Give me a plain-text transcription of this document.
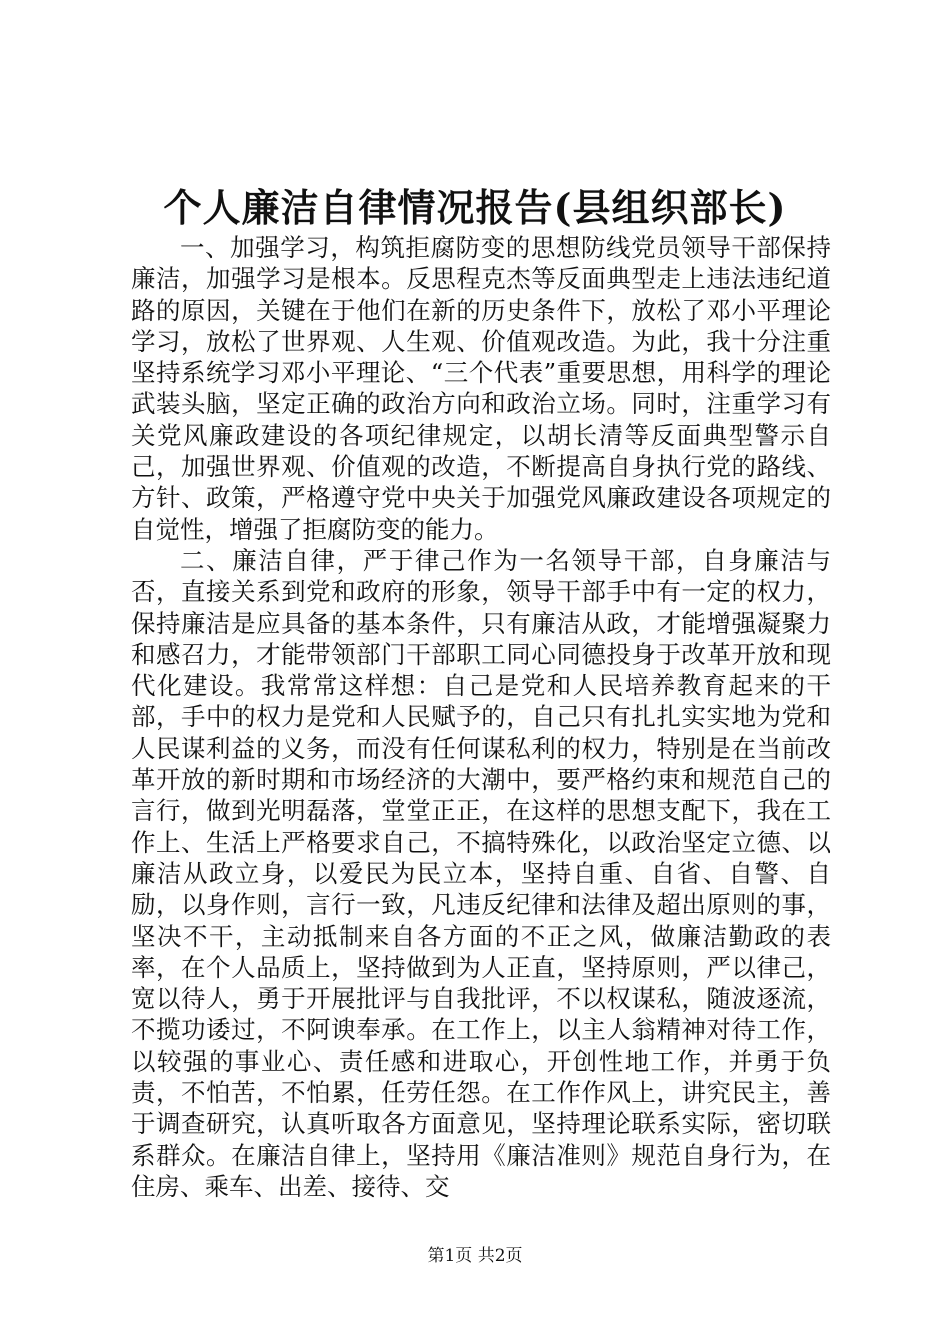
个人廉洁自律情况报告(县组织部长)

一、加强学习，构筑拒腐防变的思想防线党员领导干部保持廉洁，加强学习是根本。反思程克杰等反面典型走上违法违纪道路的原因，关键在于他们在新的历史条件下，放松了邓小平理论学习，放松了世界观、人生观、价值观改造。为此，我十分注重坚持系统学习邓小平理论、“三个代表”重要思想，用科学的理论武装头脑，坚定正确的政治方向和政治立场。同时，注重学习有关党风廉政建设的各项纪律规定，以胡长清等反面典型警示自己，加强世界观、价值观的改造，不断提高自身执行党的路线、方针、政策，严格遵守党中央关于加强党风廉政建设各项规定的自觉性，增强了拒腐防变的能力。

二、廉洁自律，严于律己作为一名领导干部，自身廉洁与否，直接关系到党和政府的形象，领导干部手中有一定的权力，保持廉洁是应具备的基本条件，只有廉洁从政，才能增强凝聚力和感召力，才能带领部门干部职工同心同德投身于改革开放和现代化建设。我常常这样想：自己是党和人民培养教育起来的干部，手中的权力是党和人民赋予的，自己只有扎扎实实地为党和人民谋利益的义务，而没有任何谋私利的权力，特别是在当前改革开放的新时期和市场经济的大潮中，要严格约束和规范自己的言行，做到光明磊落，堂堂正正，在这样的思想支配下，我在工作上、生活上严格要求自己，不搞特殊化，以政治坚定立德、以廉洁从政立身，以爱民为民立本，坚持自重、自省、自警、自励，以身作则，言行一致，凡违反纪律和法律及超出原则的事，坚决不干，主动抵制来自各方面的不正之风，做廉洁勤政的表率，在个人品质上，坚持做到为人正直，坚持原则，严以律己，宽以待人，勇于开展批评与自我批评，不以权谋私，随波逐流，不揽功诿过，不阿谀奉承。在工作上，以主人翁精神对待工作，以较强的事业心、责任感和进取心，开创性地工作，并勇于负责，不怕苦，不怕累，任劳任怨。在工作作风上，讲究民主，善于调查研究，认真听取各方面意见，坚持理论联系实际，密切联系群众。在廉洁自律上，坚持用《廉洁准则》规范自身行为，在住房、乘车、出差、接待、交

第1页 共2页
